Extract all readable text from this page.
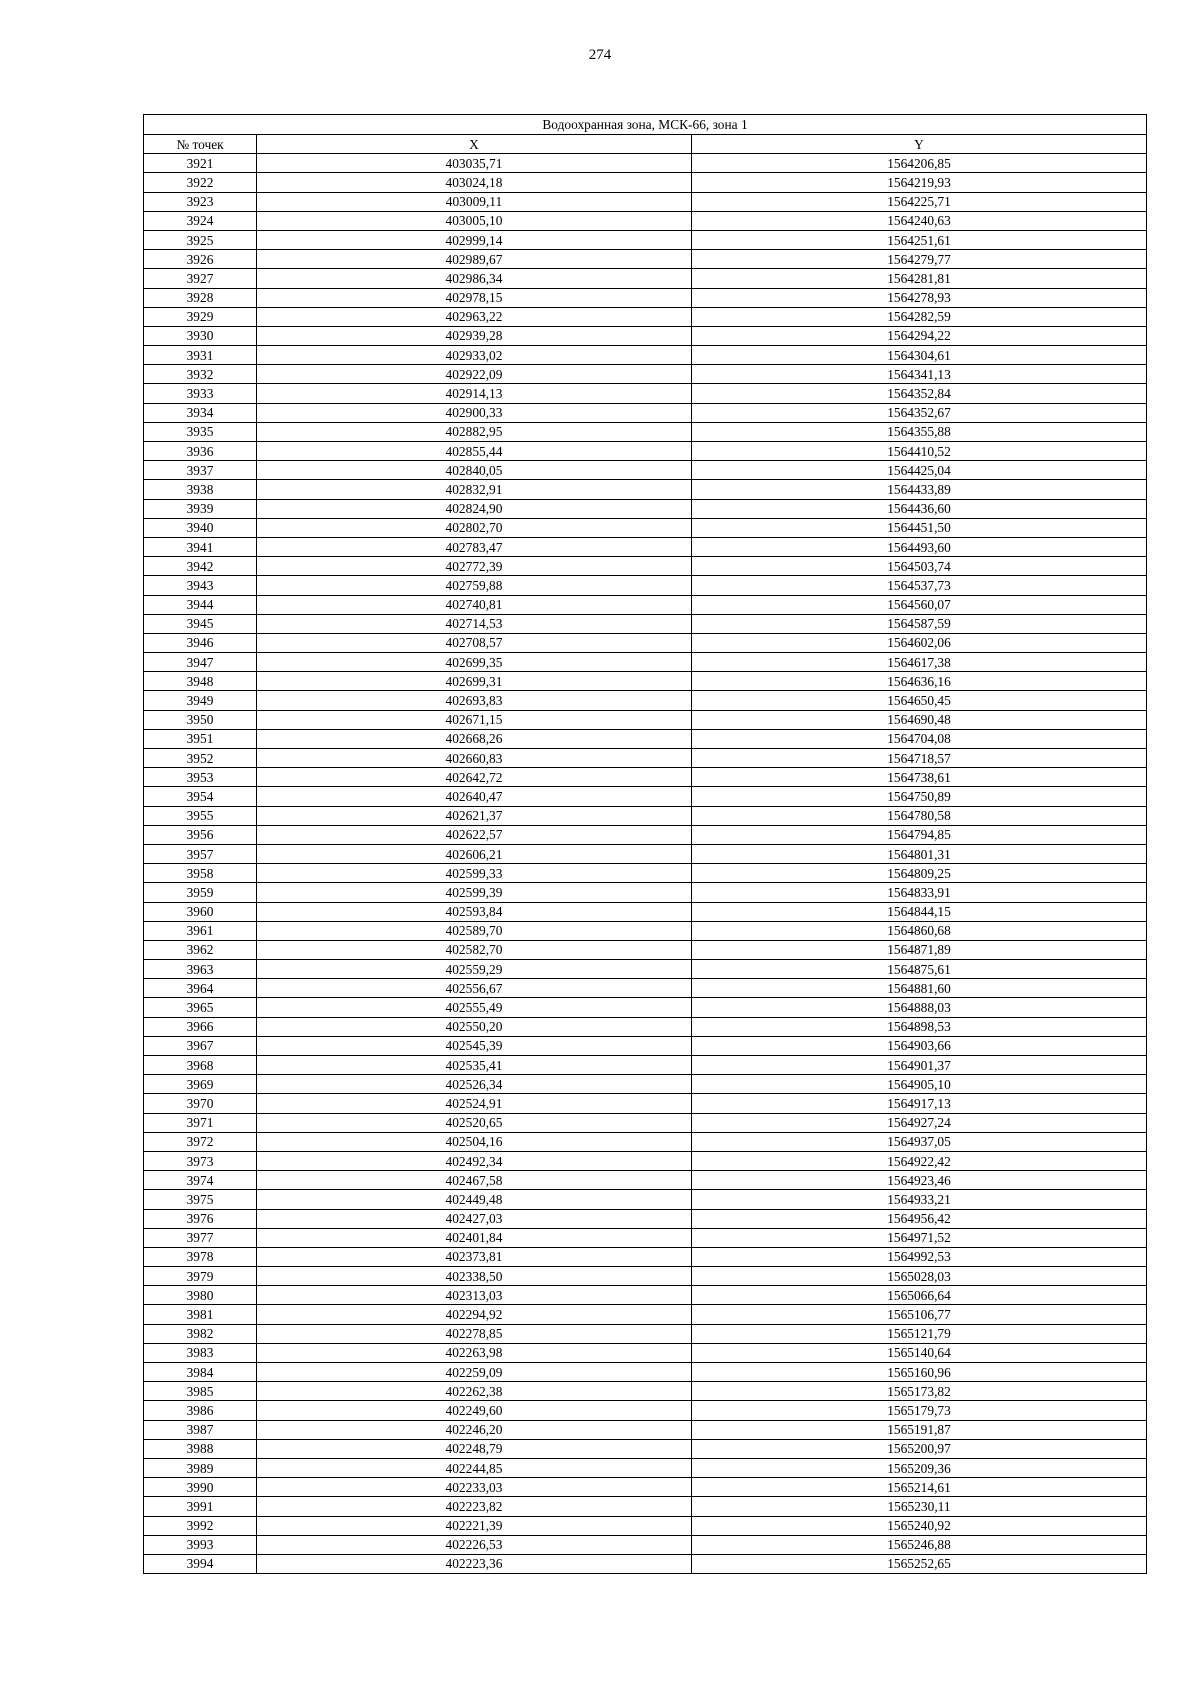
274
Водоохранная зона, МСК-66, зона 1		
№ точек	X	Y
3921	403035,71	1564206,85
3922	403024,18	1564219,93
3923	403009,11	1564225,71
3924	403005,10	1564240,63
3925	402999,14	1564251,61
3926	402989,67	1564279,77
3927	402986,34	1564281,81
3928	402978,15	1564278,93
3929	402963,22	1564282,59
3930	402939,28	1564294,22
3931	402933,02	1564304,61
3932	402922,09	1564341,13
3933	402914,13	1564352,84
3934	402900,33	1564352,67
3935	402882,95	1564355,88
3936	402855,44	1564410,52
3937	402840,05	1564425,04
3938	402832,91	1564433,89
3939	402824,90	1564436,60
3940	402802,70	1564451,50
3941	402783,47	1564493,60
3942	402772,39	1564503,74
3943	402759,88	1564537,73
3944	402740,81	1564560,07
3945	402714,53	1564587,59
3946	402708,57	1564602,06
3947	402699,35	1564617,38
3948	402699,31	1564636,16
3949	402693,83	1564650,45
3950	402671,15	1564690,48
3951	402668,26	1564704,08
3952	402660,83	1564718,57
3953	402642,72	1564738,61
3954	402640,47	1564750,89
3955	402621,37	1564780,58
3956	402622,57	1564794,85
3957	402606,21	1564801,31
3958	402599,33	1564809,25
3959	402599,39	1564833,91
3960	402593,84	1564844,15
3961	402589,70	1564860,68
3962	402582,70	1564871,89
3963	402559,29	1564875,61
3964	402556,67	1564881,60
3965	402555,49	1564888,03
3966	402550,20	1564898,53
3967	402545,39	1564903,66
3968	402535,41	1564901,37
3969	402526,34	1564905,10
3970	402524,91	1564917,13
3971	402520,65	1564927,24
3972	402504,16	1564937,05
3973	402492,34	1564922,42
3974	402467,58	1564923,46
3975	402449,48	1564933,21
3976	402427,03	1564956,42
3977	402401,84	1564971,52
3978	402373,81	1564992,53
3979	402338,50	1565028,03
3980	402313,03	1565066,64
3981	402294,92	1565106,77
3982	402278,85	1565121,79
3983	402263,98	1565140,64
3984	402259,09	1565160,96
3985	402262,38	1565173,82
3986	402249,60	1565179,73
3987	402246,20	1565191,87
3988	402248,79	1565200,97
3989	402244,85	1565209,36
3990	402233,03	1565214,61
3991	402223,82	1565230,11
3992	402221,39	1565240,92
3993	402226,53	1565246,88
3994	402223,36	1565252,65
